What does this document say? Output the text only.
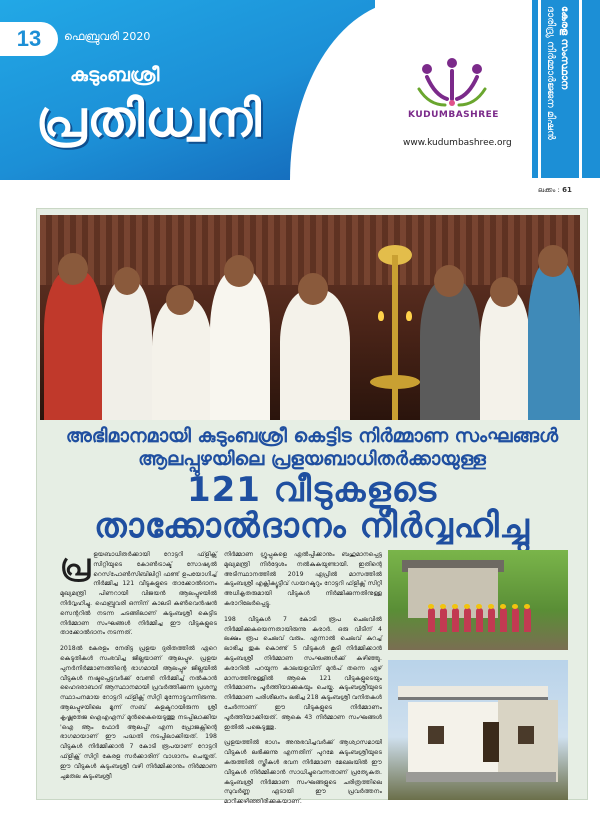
13	ഫെബ്രുവരി 2020
കുടുംബശ്രീ
പ്രതിധ്വനി	KUDUMBASHREE
www.kudumbashree.org
കേരള സംസ്ഥാന
ദാരിദ്ര്യ നിർമ്മാർജ്ജന മിഷൻ
ലക്കം : 61
അഭിമാനമായി കുടുംബശ്രീ കെട്ടിട നിർമ്മാണ സംഘങ്ങൾ
ആലപ്പുഴയിലെ പ്രളയബാധിതർക്കായുള്ള
121 വീടുകളുടെ
താക്കോൽദാനം നിർവ്വഹിച്ചു

പ്ര ളയബാധിതർക്കായി റോട്ടറി ഫ്‌ളിക്സ് സിറ്റിയുടെ കോൺട്രാക്ട് സോഷ്യൽ റെസ്‌പോൺസിബിലിറ്റി ഫണ്ട് ഉപയോഗിച്ച് നിർമ്മിച്ച 121 വീടുകളുടെ താക്കോൽദാനം മുഖ്യമന്ത്രി പിണറായി വിജയൻ ആലപ്പുഴയിൽ നിർവ്വഹിച്ചു. ഫെബ്രുവരി ഒന്നിന് കാലടി കൺവെൻഷൻ സെന്ററിൽ നടന്ന ചടങ്ങിലാണ് കുടുംബശ്രീ കെട്ടിട നിർമ്മാണ സംഘങ്ങൾ നിർമ്മിച്ച ഈ വീടുകളുടെ താക്കോൽദാനം നടന്നത്.

2018ൽ കേരളം നേരിട്ട പ്രളയ ദുരിതത്തിൽ ഏറെ കെടുതികൾ സംഭവിച്ച ജില്ലയാണ് ആലപ്പുഴ. പ്രളയ പുനർനിർമ്മാണത്തിന്റെ ഭാഗമായി ആലപ്പുഴ ജില്ലയിൽ വീടുകൾ നഷ്ടപ്പെട്ടവർക്ക് വേണ്ടി നിർമ്മിച്ച് നൽകാൻ ഹൈദരാബാദ് ആസ്ഥാനമായി പ്രവർത്തിക്കുന്ന പ്രശസ്ത സ്ഥാപനമായ റോട്ടറി ഫ്‌ളിക്സ് സിറ്റി മുന്നോട്ടുവന്നിരുന്നു. ആലപ്പുഴയിലെ മൂന്ന് സബ് കളക്ടറായിരുന്ന ശ്രീ കൃഷ്ണതേജ ഐഎഎസ് മുൻകൈയെടുത്തു നടപ്പിലാക്കിയ 'ഐ ആം ഫോർ ആലപ്പി' എന്ന പ്രോജക്റ്റിന്റെ ഭാഗമായാണ് ഈ പദ്ധതി നടപ്പിലാക്കിയത്. 198 വീടുകൾ നിർമ്മിക്കാൻ 7 കോടി രൂപയാണ് റോട്ടറി ഫ്‌ളിക്സ് സിറ്റി കേരള സർക്കാരിന് വാഗ്ദാനം ചെയ്തത്. ഈ വീടുകൾ കുടുംബശ്രീ വഴി നിർമ്മിക്കാനും നിർമ്മാണ ചുമതല കുടുംബശ്രീ

നിർമ്മാണ ഗ്രൂപ്പുകളെ ഏൽപ്പിക്കാനും ബഹുമാനപ്പെട്ട മുഖ്യമന്ത്രി നിർദ്ദേശം നൽകുകയുണ്ടായി. ഇതിന്റെ അടിസ്ഥാനത്തിൽ 2019 ഏപ്രിൽ മാസത്തിൽ കുടുംബശ്രീ എക്സിക്യൂട്ടീവ് ഡയറക്ടറും റോട്ടറി ഫ്‌ളിക്സ് സിറ്റി അധികൃതരുമായി വീടുകൾ നിർമ്മിക്കുന്നതിനുള്ള കരാറിലേർപ്പെട്ടു.

198 വീടുകൾ 7 കോടി രൂപ ചെലവിൽ നിർമ്മിക്കുകയെന്നതായിരുന്നു കരാർ. ഒരു വീടിന് 4 ലക്ഷം രൂപ ചെലവ് വരും. എന്നാൽ ചെലവ് കുറച്ച് ലാഭിച്ച തുക കൊണ്ട് 5 വീടുകൾ കൂടി നിർമ്മിക്കാൻ കുടുംബശ്രീ നിർമ്മാണ സംഘങ്ങൾക്ക് കഴിഞ്ഞു. കരാറിൽ പറയുന്ന കാലയളവിന് മുൻപ് തന്നെ ഏഴ് മാസത്തിനുള്ളിൽ ആകെ 121 വീടുകളുടെയും നിർമ്മാണം പൂർത്തിയാക്കുകയും ചെയ്തു. കുടുംബശ്രീയുടെ നിർമ്മാണ പരിശീലനം ലഭിച്ച 218 കുടുംബശ്രീ വനിതകൾ ചേർന്നാണ് ഈ വീടുകളുടെ നിർമ്മാണം പൂർത്തിയാക്കിയത്. ആകെ 43 നിർമ്മാണ സംഘങ്ങൾ ഇതിൽ പങ്കെടുത്തു.

പ്രളയത്തിൽ ഭാഗം അനുഭവിച്ചവർക്ക് ആശ്വാസമായി വീടുകൾ ലഭിക്കുന്നു എന്നതിന് പുറമേ കുടുംബശ്രീയുടെ കരുത്തിൽ സ്ത്രീകൾ ഭവന നിർമ്മാണ മേഖലയിൽ ഈ വീടുകൾ നിർമ്മിക്കാൻ സാധിച്ചുവെന്നതാണ് പ്രത്യേകത. കുടുംബശ്രീ നിർമ്മാണ സംഘങ്ങളുടെ ചരിത്രത്തിലെ സുവർണ്ണ ഏടായി ഈ പ്രവർത്തനം മാറിക്കഴിഞ്ഞിരിക്കുകയാണ്.
